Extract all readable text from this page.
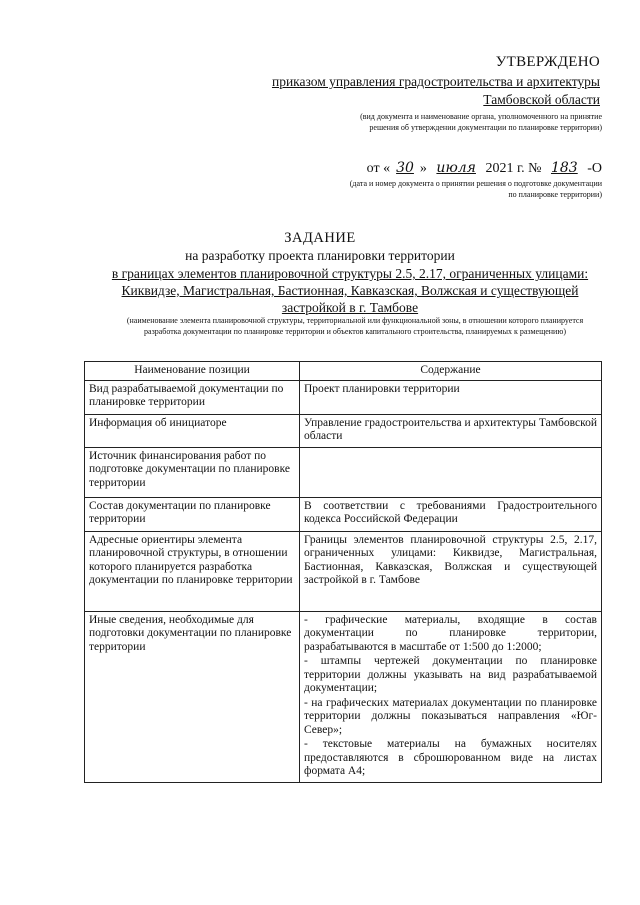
УТВЕРЖДЕНО
приказом управления градостроительства и архитектуры
Тамбовской области
(вид документа и наименование органа, уполномоченного на принятие решения об утверждении документации по планировке территории)
от « 30 » июля 2021 г. № 183 -О
(дата и номер документа о принятии решения о подготовке документации по планировке территории)
ЗАДАНИЕ
на разработку проекта планировки территории
в границах элементов планировочной структуры 2.5, 2.17, ограниченных улицами: Киквидзе, Магистральная, Бастионная, Кавказская, Волжская и существующей застройкой в г. Тамбове
(наименование элемента планировочной структуры, территориальной или функциональной зоны, в отношении которого планируется разработка документации по планировке территории и объектов капитального строительства, планируемых к размещению)
Наименование позиции	Содержание
Вид разрабатываемой документации по планировке территории	Проект планировки территории

Информация об инициаторе	Управление градостроительства и архитектуры Тамбовской области

Источник финансирования работ по подготовке документации по планировке территории	

Состав документации по планировке территории	В соответствии с требованиями Градостроительного кодекса Российской Федерации

Адресные ориентиры элемента планировочной структуры, в отношении которого планируется разработка документации по планировке территории	Границы элементов планировочной структуры 2.5, 2.17, ограниченных улицами: Киквидзе, Магистральная, Бастионная, Кавказская, Волжская и существующей застройкой в г. Тамбове

Иные сведения, необходимые для подготовки документации по планировке территории	- графические материалы, входящие в состав документации по планировке территории, разрабатываются в масштабе от 1:500 до 1:2000;
- штампы чертежей документации по планировке территории должны указывать на вид разрабатываемой документации;
- на графических материалах документации по планировке территории должны показываться направления «Юг-Север»;
- текстовые материалы на бумажных носителях предоставляются в сброшюрованном виде на листах формата А4;
